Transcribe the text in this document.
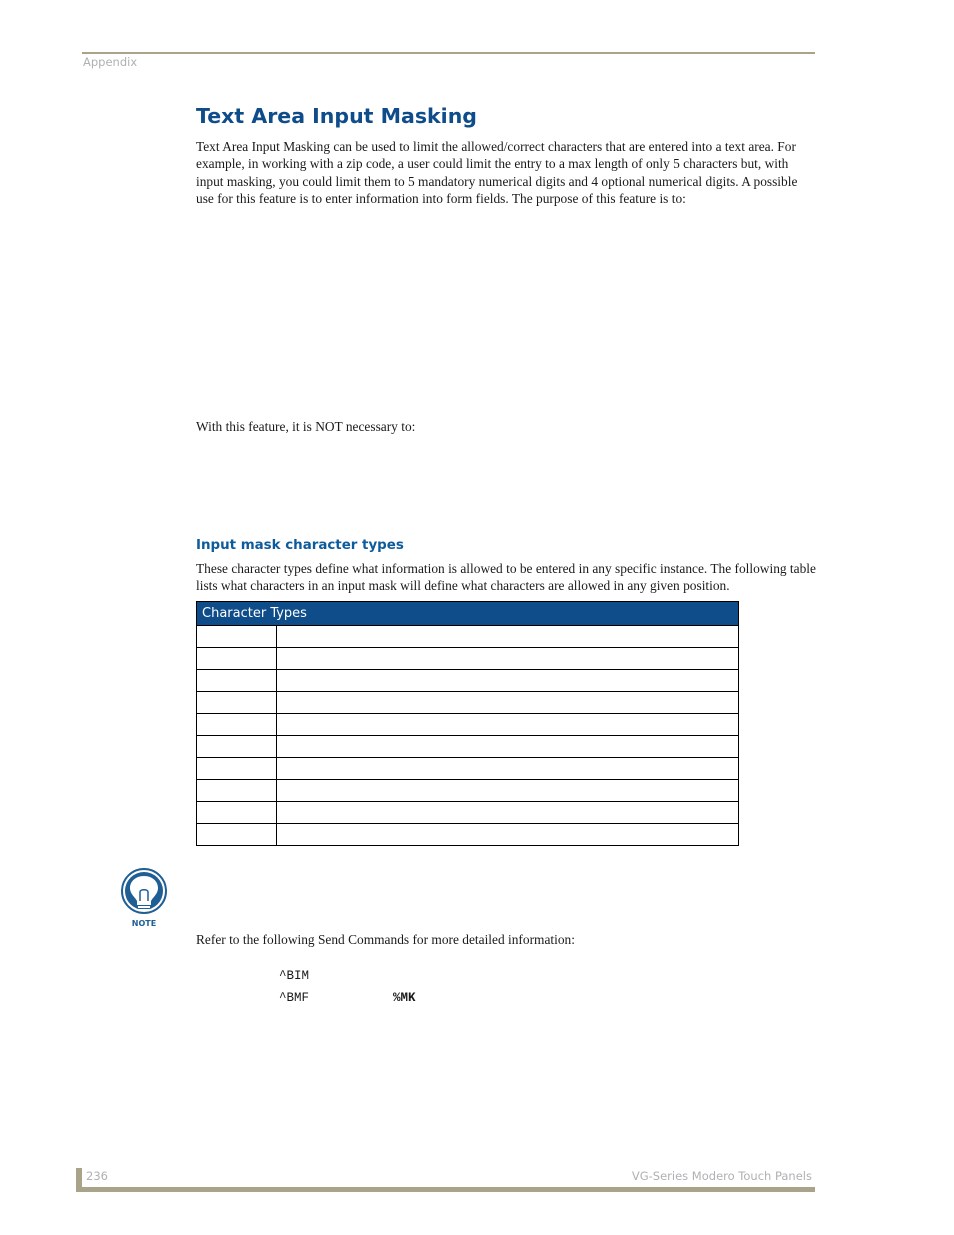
Appendix
Text Area Input Masking

Text Area Input Masking can be used to limit the allowed/correct characters that are entered into a text area. For example, in working with a zip code, a user could limit the entry to a max length of only 5 characters but, with input masking, you could limit them to 5 mandatory numerical digits and 4 optional numerical digits. A possible use for this feature is to enter information into form fields. The purpose of this feature is to:

With this feature, it is NOT necessary to:

Input mask character types

These character types define what information is allowed to be entered in any specific instance. The following table lists what characters in an input mask will define what characters are allowed in any given position.

Character Types	

NOTE

Refer to the following Send Commands for more detailed information:

^BIM
^BMF	%MK
236	VG-Series Modero Touch Panels
